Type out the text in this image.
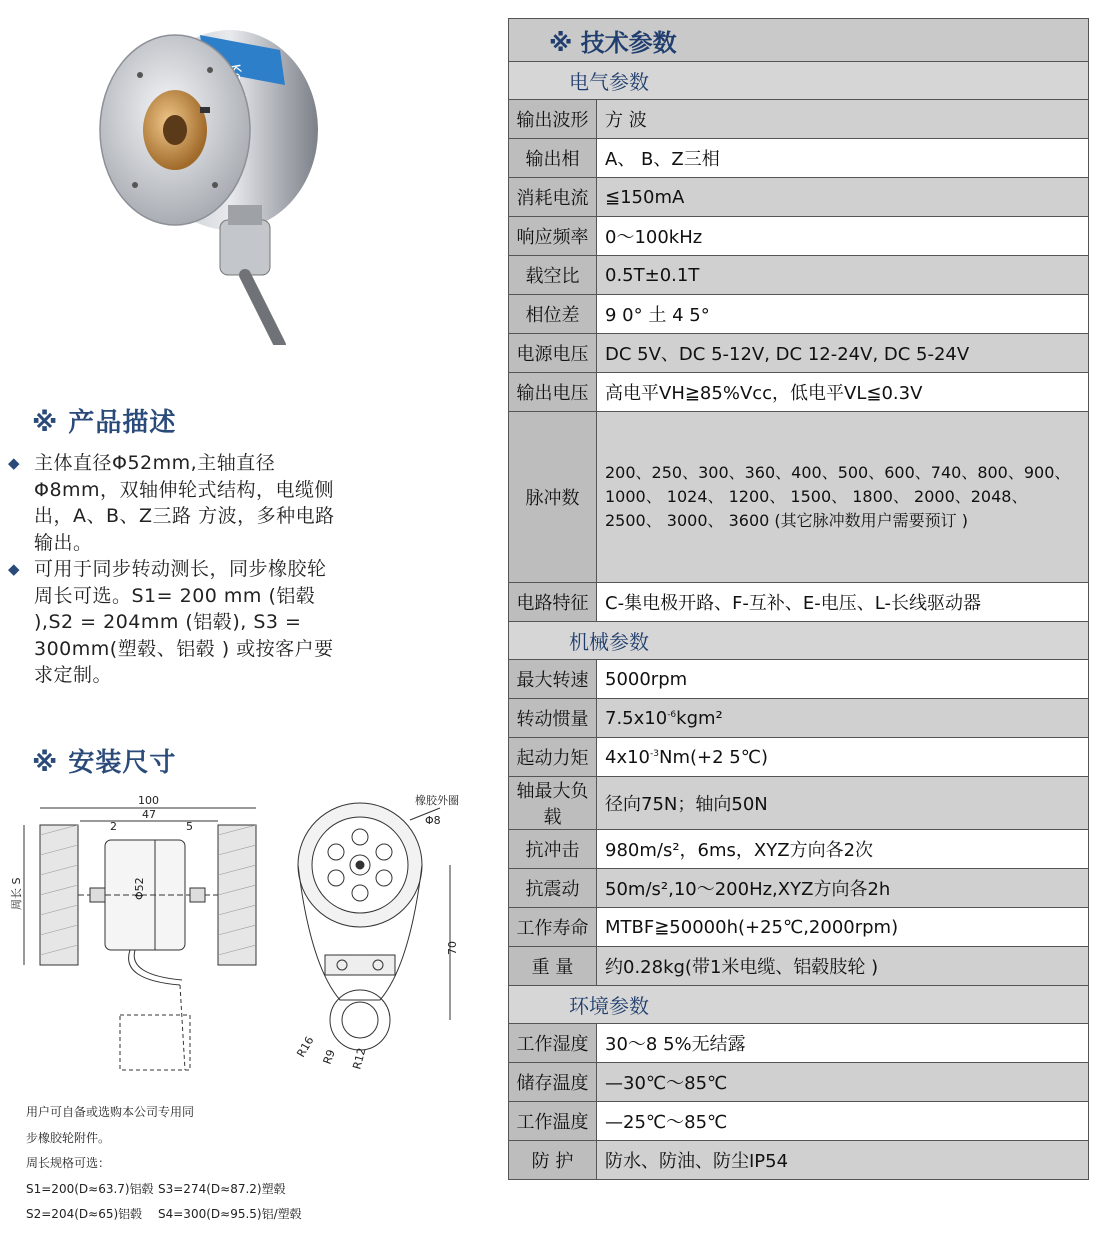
※ 产品描述
◆ 主体直径Φ52mm,主轴直径Φ8mm，双轴伸轮式结构，电缆侧出，A、B、Z三路 方波，多种电路输出。
◆ 可用于同步转动测长，同步橡胶轮周长可选。S1= 200 mm (铝毂 ),S2 = 204mm (铝毂), S3 = 300mm(塑毂、铝毂 ) 或按客户要求定制。
※ 安装尺寸
100
47
2	5
Φ52
周长 S
橡胶外圈
Φ8
70
R16 R9 R12
用户可自备或选购本公司专用同
步橡胶轮附件。
周长规格可选：
S1=200(D≈63.7)铝毂 S3=274(D≈87.2)塑毂
S2=204(D≈65)铝毂	S4=300(D≈95.5)铝/塑毂
※ 技术参数	
电气参数	
输出波形	方 波
输出相	A、 B、Z三相
消耗电流	≦150mA
响应频率	0～100kHz
载空比	0.5T±0.1T
相位差	9 0° 土 4 5°
电源电压	DC 5V、DC 5-12V, DC 12-24V, DC 5-24V
输出电压	高电平VH≧85%Vcc，低电平VL≦0.3V
脉冲数	200、250、300、360、400、500、600、740、800、900、 1000、 1024、 1200、 1500、 1800、 2000、2048、 2500、 3000、 3600 (其它脉冲数用户需要预订 )
电路特征	C-集电极开路、F-互补、E-电压、L-长线驱动器
机械参数	
最大转速	5000rpm
转动惯量	$7.5x10^{-6}kgm^2$
起动力矩	$4x10^{-3}Nm(+2$ 5℃)
轴最大负载	径向75N；轴向50N
抗冲击	980m/s²，6ms，XYZ方向各2次
抗震动	50m/s²,10～200Hz,XYZ方向各2h
工作寿命	MTBF≧50000h(+25℃,2000rpm)
重 量	约0.28kg(带1米电缆、铝毂肢轮 )
环境参数	
工作湿度	30～8 5%无结露
储存温度	—30℃～85℃
工作温度	—25℃～85℃
防 护	防水、防油、防尘IP54
